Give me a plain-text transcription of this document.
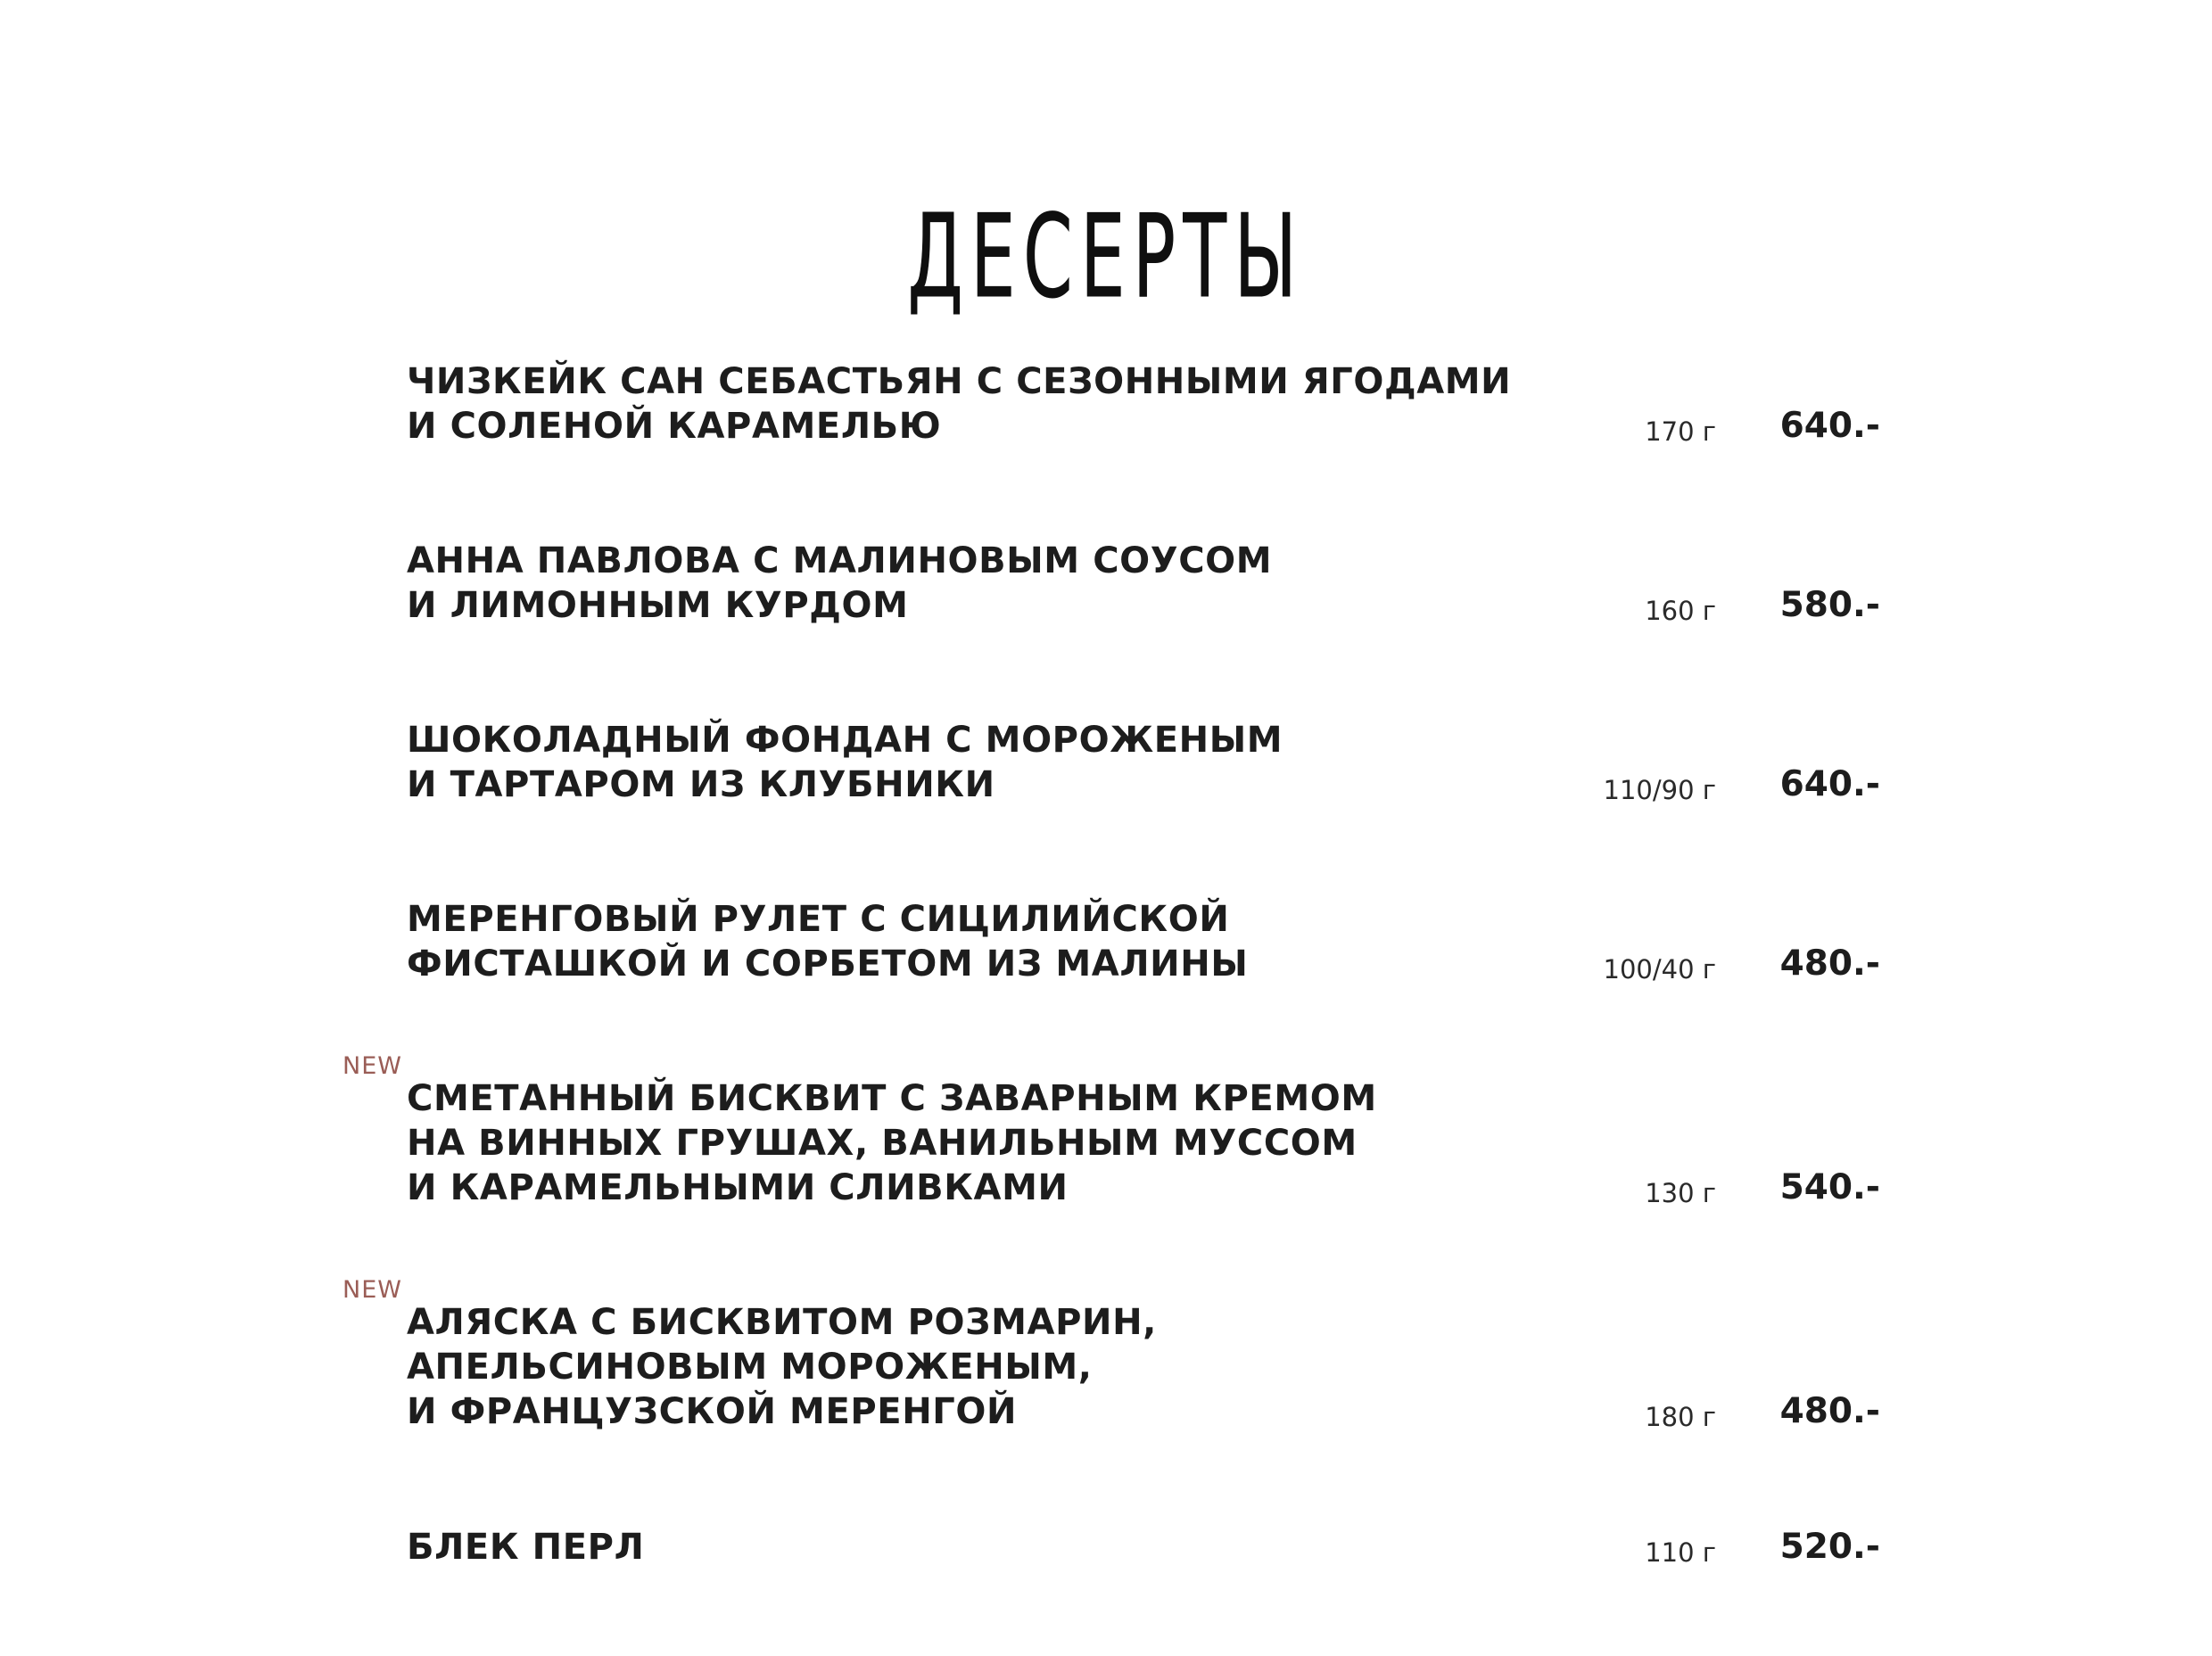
ДЕСЕРТЫ
ЧИЗКЕЙК САН СЕБАСТЬЯН С СЕЗОННЫМИ ЯГОДАМИ
И СОЛЕНОЙ КАРАМЕЛЬЮ	170 г 640.-
АННА ПАВЛОВА С МАЛИНОВЫМ СОУСОМ
И ЛИМОННЫМ КУРДОМ	160 г 580.-
ШОКОЛАДНЫЙ ФОНДАН С МОРОЖЕНЫМ
И ТАРТАРОМ ИЗ КЛУБНИКИ	110/90 г 640.-
МЕРЕНГОВЫЙ РУЛЕТ С СИЦИЛИЙСКОЙ
ФИСТАШКОЙ И СОРБЕТОМ ИЗ МАЛИНЫ	100/40 г 480.-
NEW
СМЕТАННЫЙ БИСКВИТ С ЗАВАРНЫМ КРЕМОМ
НА ВИННЫХ ГРУШАХ, ВАНИЛЬНЫМ МУССОМ
И КАРАМЕЛЬНЫМИ СЛИВКАМИ	130 г 540.-
NEW
АЛЯСКА С БИСКВИТОМ РОЗМАРИН,
АПЕЛЬСИНОВЫМ МОРОЖЕНЫМ,
И ФРАНЦУЗСКОЙ МЕРЕНГОЙ	180 г 480.-
БЛЕК ПЕРЛ	110 г 520.-
